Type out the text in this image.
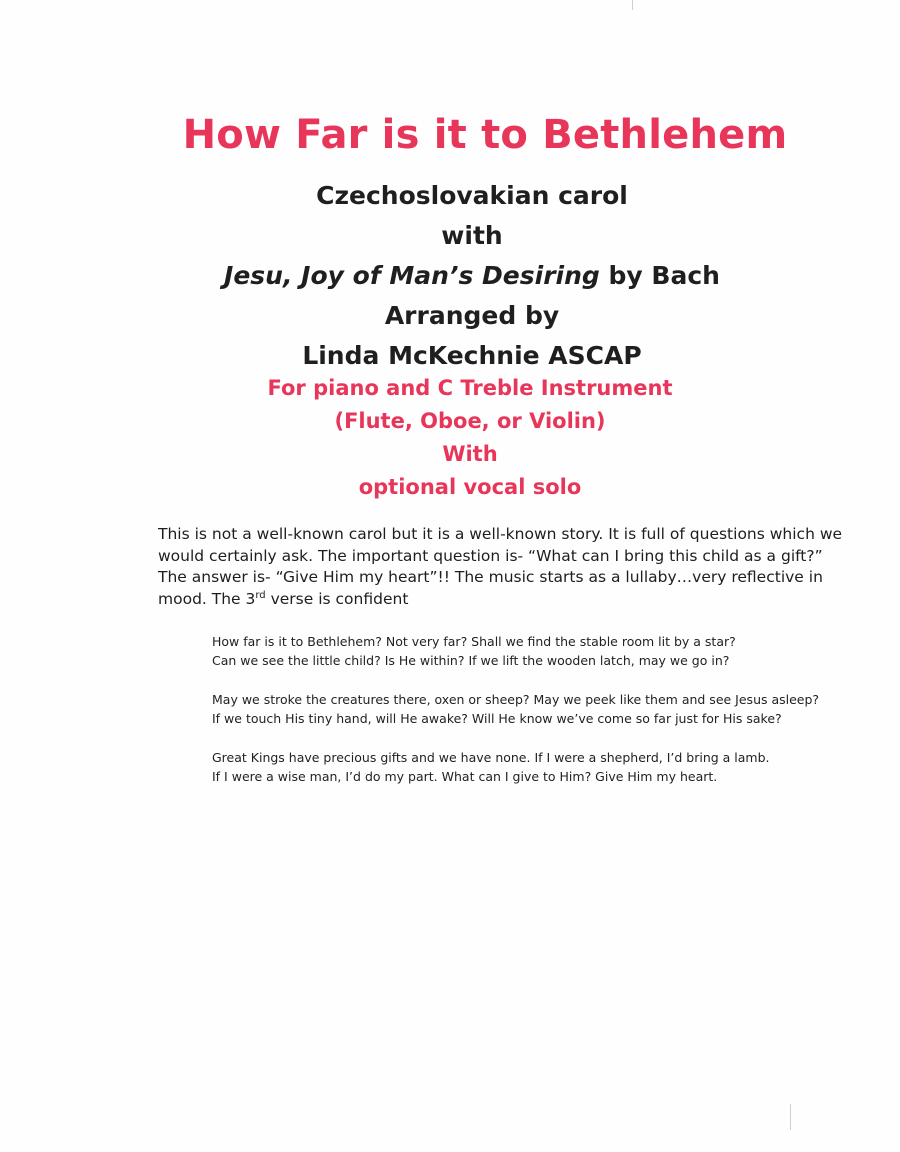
How Far is it to Bethlehem
Czechoslovakian carol
with
Jesu, Joy of Man’s Desiring by Bach
Arranged by
Linda McKechnie ASCAP
For piano and C Treble Instrument
(Flute, Oboe, or Violin)
With
optional vocal solo
This is not a well-known carol but it is a well-known story. It is full of questions which we
would certainly ask. The important question is- “What can I bring this child as a gift?”
The answer is- “Give Him my heart”!! The music starts as a lullaby…very reflective in
mood. The 3rd verse is confident
How far is it to Bethlehem? Not very far? Shall we find the stable room lit by a star?
Can we see the little child? Is He within? If we lift the wooden latch, may we go in?
May we stroke the creatures there, oxen or sheep? May we peek like them and see Jesus asleep?
If we touch His tiny hand, will He awake? Will He know we’ve come so far just for His sake?
Great Kings have precious gifts and we have none. If I were a shepherd, I’d bring a lamb.
If I were a wise man, I’d do my part. What can I give to Him? Give Him my heart.
